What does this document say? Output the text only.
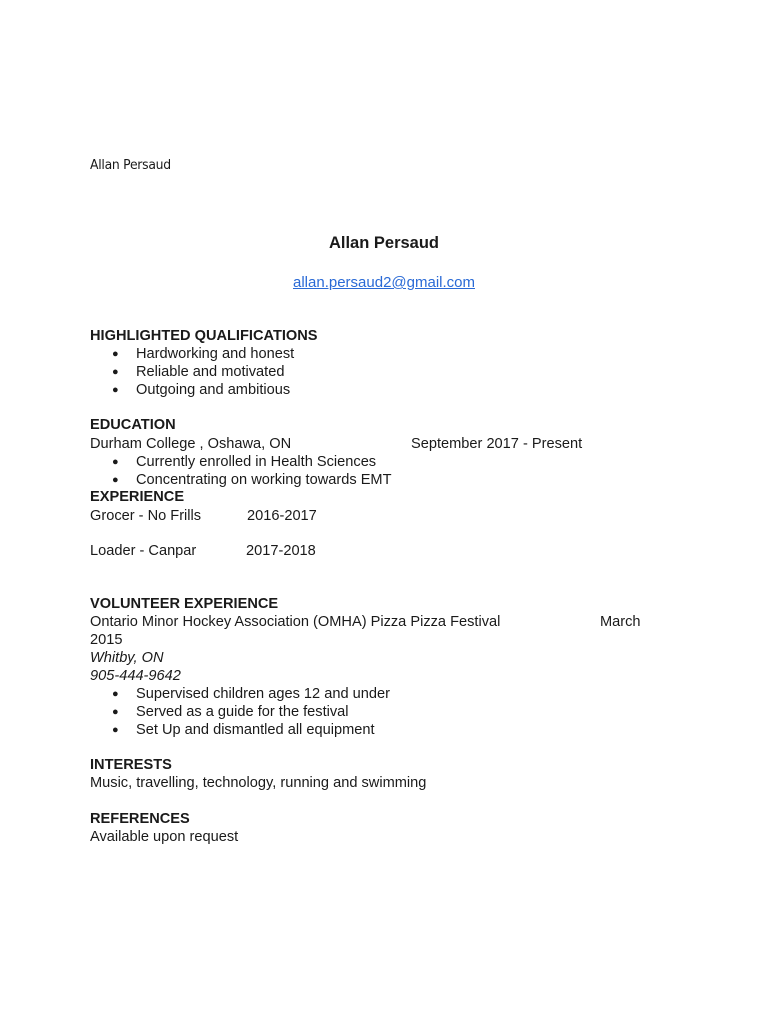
Allan Persaud
Allan Persaud
allan.persaud2@gmail.com
HIGHLIGHTED QUALIFICATIONS
● Hardworking and honest
● Reliable and motivated
● Outgoing and ambitious
EDUCATION
Durham College , Oshawa, ON	September 2017 - Present
● Currently enrolled in Health Sciences
● Concentrating on working towards EMT
EXPERIENCE
Grocer - No Frills	2016-2017
Loader - Canpar	2017-2018
VOLUNTEER EXPERIENCE
Ontario Minor Hockey Association (OMHA) Pizza Pizza Festival	March
2015
Whitby, ON
905-444-9642
● Supervised children ages 12 and under
● Served as a guide for the festival
● Set Up and dismantled all equipment
INTERESTS
Music, travelling, technology, running and swimming
REFERENCES
Available upon request
